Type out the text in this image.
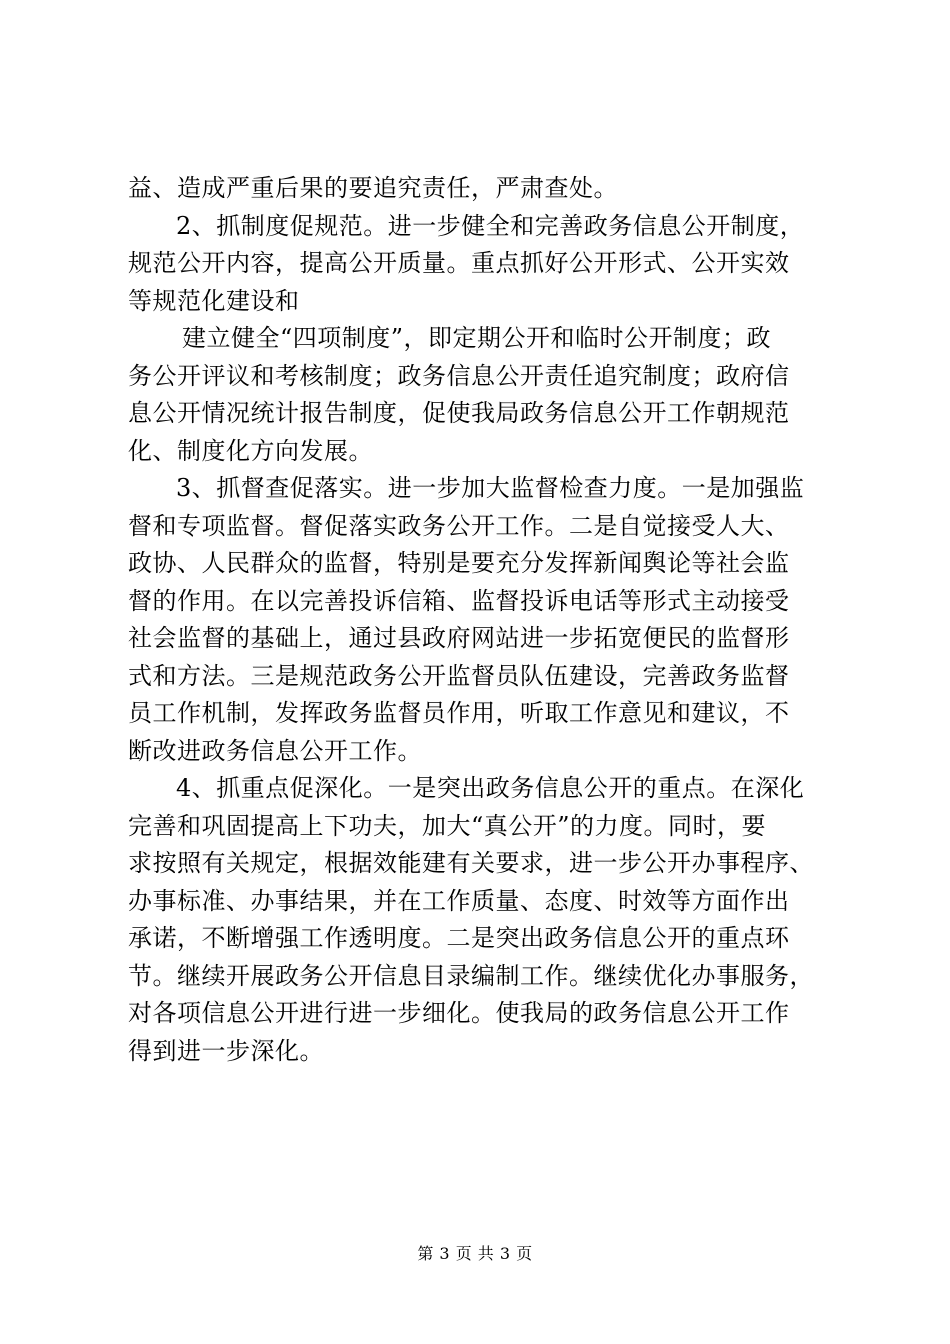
益、造成严重后果的要追究责任，严肃查处。
2、抓制度促规范。进一步健全和完善政务信息公开制度，
规范公开内容，提高公开质量。重点抓好公开形式、公开实效
等规范化建设和
建立健全“四项制度”，即定期公开和临时公开制度；政
务公开评议和考核制度；政务信息公开责任追究制度；政府信
息公开情况统计报告制度，促使我局政务信息公开工作朝规范
化、制度化方向发展。
3、抓督查促落实。进一步加大监督检查力度。一是加强监
督和专项监督。督促落实政务公开工作。二是自觉接受人大、
政协、人民群众的监督，特别是要充分发挥新闻舆论等社会监
督的作用。在以完善投诉信箱、监督投诉电话等形式主动接受
社会监督的基础上，通过县政府网站进一步拓宽便民的监督形
式和方法。三是规范政务公开监督员队伍建设，完善政务监督
员工作机制，发挥政务监督员作用，听取工作意见和建议，不
断改进政务信息公开工作。
4、抓重点促深化。一是突出政务信息公开的重点。在深化
完善和巩固提高上下功夫，加大“真公开”的力度。同时，要
求按照有关规定，根据效能建有关要求，进一步公开办事程序、
办事标准、办事结果，并在工作质量、态度、时效等方面作出
承诺，不断增强工作透明度。二是突出政务信息公开的重点环
节。继续开展政务公开信息目录编制工作。继续优化办事服务，
对各项信息公开进行进一步细化。使我局的政务信息公开工作
得到进一步深化。
第 3 页 共 3 页
